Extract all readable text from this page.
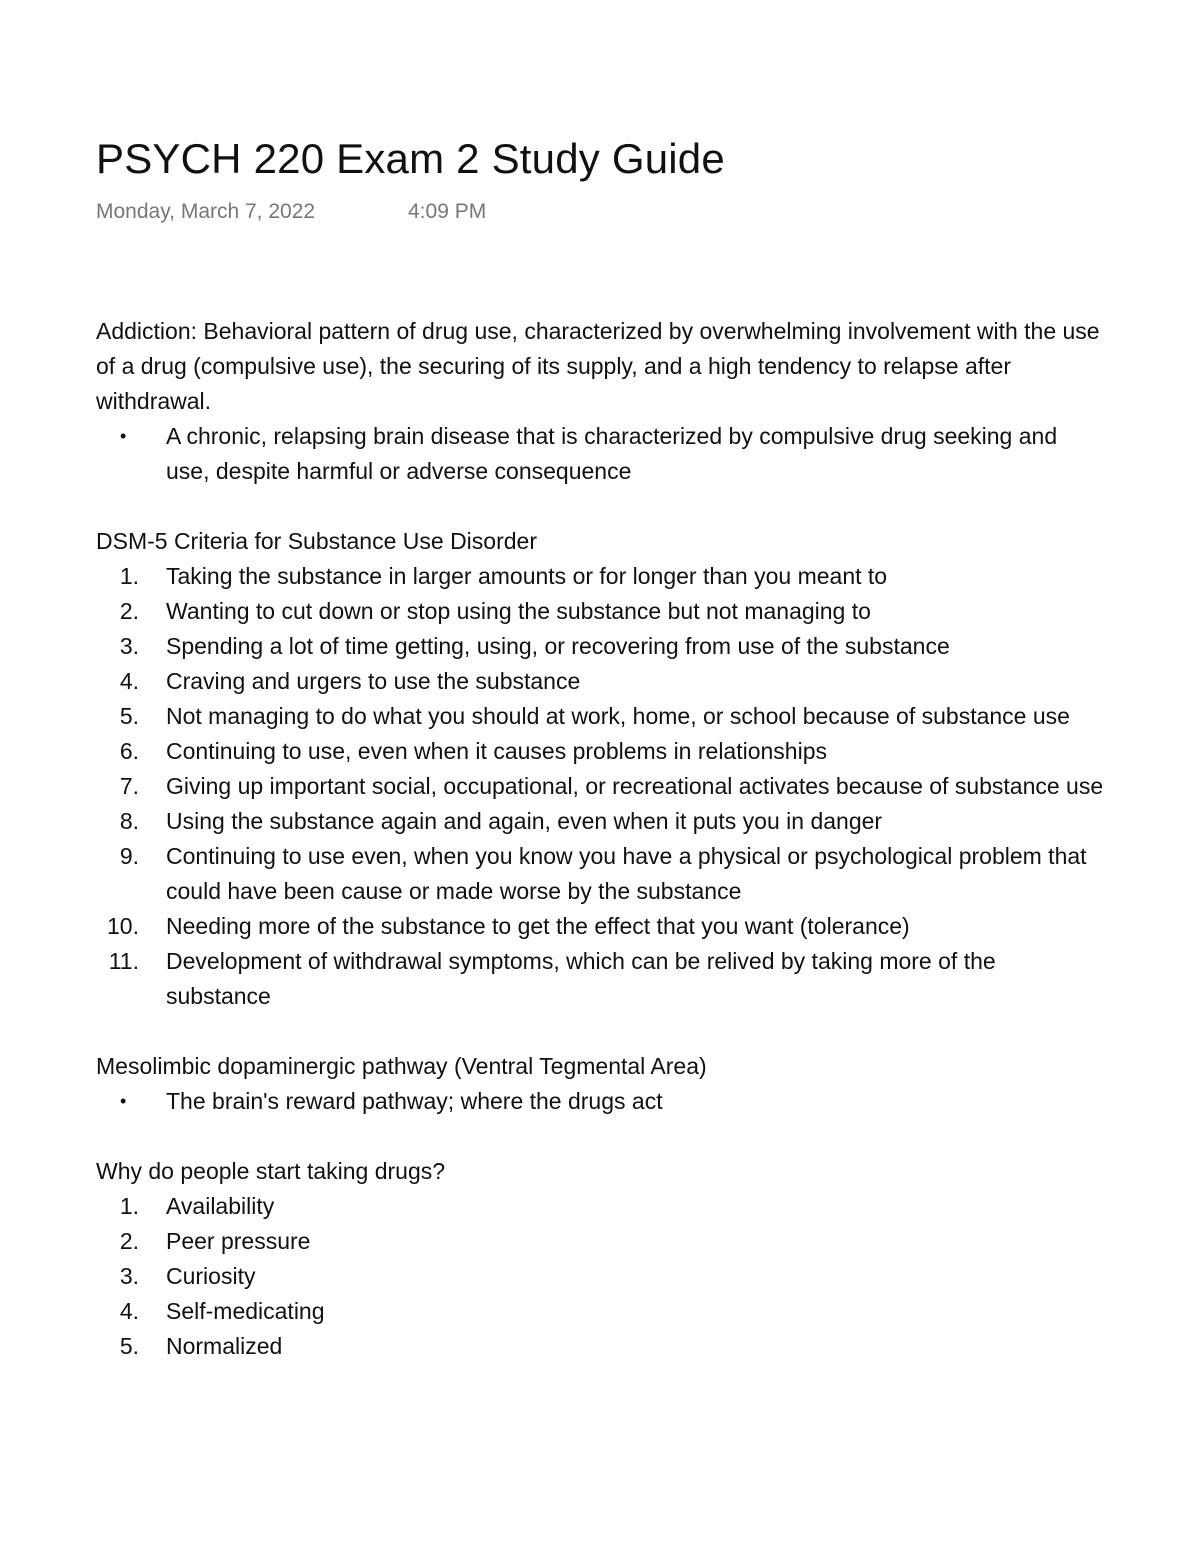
PSYCH 220 Exam 2 Study Guide
Monday, March 7, 2022	4:09 PM

Addiction: Behavioral pattern of drug use, characterized by overwhelming involvement with the use of a drug (compulsive use), the securing of its supply, and a high tendency to relapse after withdrawal.

•	A chronic, relapsing brain disease that is characterized by compulsive drug seeking and use, despite harmful or adverse consequence

DSM-5 Criteria for Substance Use Disorder

1.	Taking the substance in larger amounts or for longer than you meant to
2.	Wanting to cut down or stop using the substance but not managing to
3.	Spending a lot of time getting, using, or recovering from use of the substance
4.	Craving and urgers to use the substance
5.	Not managing to do what you should at work, home, or school because of substance use
6.	Continuing to use, even when it causes problems in relationships
7.	Giving up important social, occupational, or recreational activates because of substance use
8.	Using the substance again and again, even when it puts you in danger
9.	Continuing to use even, when you know you have a physical or psychological problem that could have been cause or made worse by the substance
10.	Needing more of the substance to get the effect that you want (tolerance)
11.	Development of withdrawal symptoms, which can be relived by taking more of the substance

Mesolimbic dopaminergic pathway (Ventral Tegmental Area)

•	The brain's reward pathway; where the drugs act

Why do people start taking drugs?

1.	Availability
2.	Peer pressure
3.	Curiosity
4.	Self-medicating
5.	Normalized
